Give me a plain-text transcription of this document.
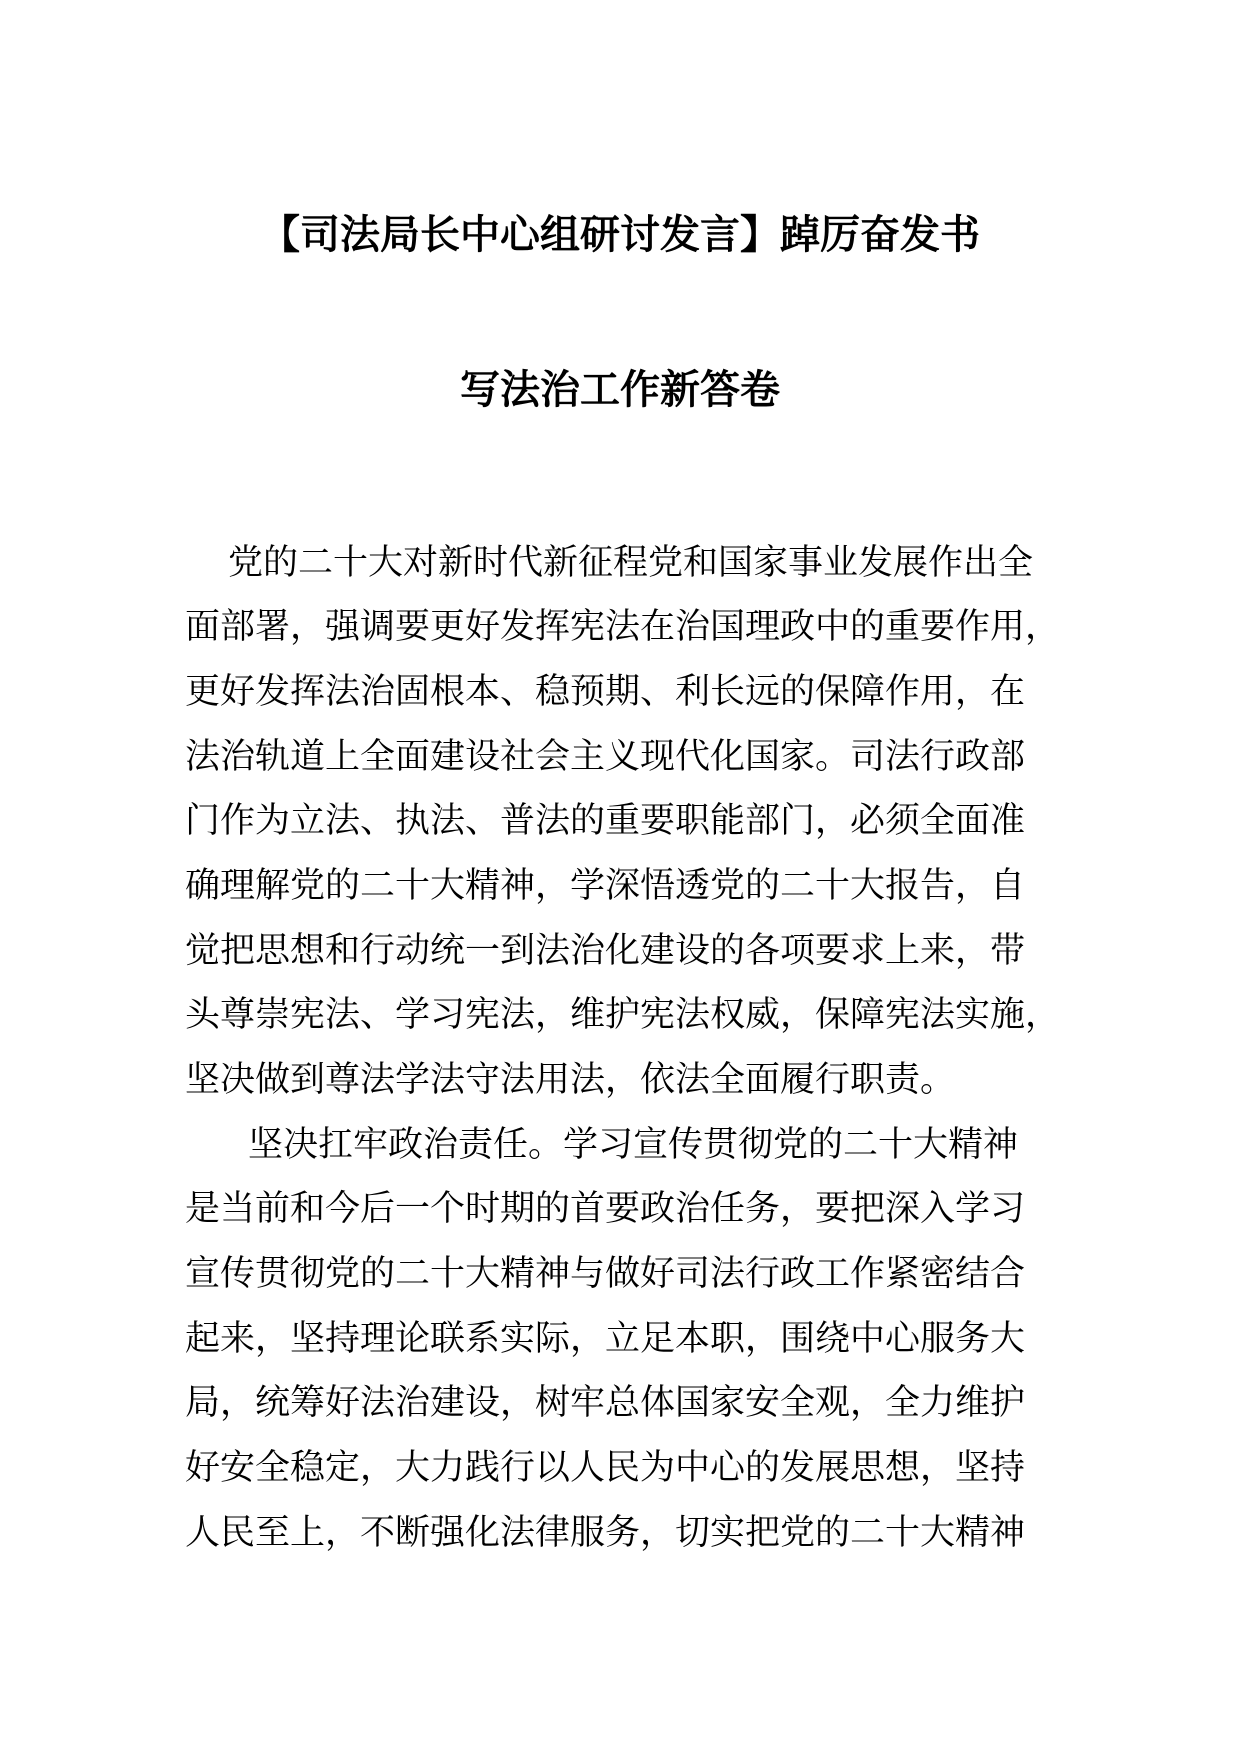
【司法局长中心组研讨发言】踔厉奋发书
写法治工作新答卷

党的二十大对新时代新征程党和国家事业发展作出全

面部署，强调要更好发挥宪法在治国理政中的重要作用，

更好发挥法治固根本、稳预期、利长远的保障作用，在

法治轨道上全面建设社会主义现代化国家。司法行政部

门作为立法、执法、普法的重要职能部门，必须全面准

确理解党的二十大精神，学深悟透党的二十大报告，自

觉把思想和行动统一到法治化建设的各项要求上来，带

头尊崇宪法、学习宪法，维护宪法权威，保障宪法实施，

坚决做到尊法学法守法用法，依法全面履行职责。

坚决扛牢政治责任。学习宣传贯彻党的二十大精神

是当前和今后一个时期的首要政治任务，要把深入学习

宣传贯彻党的二十大精神与做好司法行政工作紧密结合

起来，坚持理论联系实际，立足本职，围绕中心服务大

局，统筹好法治建设，树牢总体国家安全观，全力维护

好安全稳定，大力践行以人民为中心的发展思想，坚持

人民至上，不断强化法律服务，切实把党的二十大精神
